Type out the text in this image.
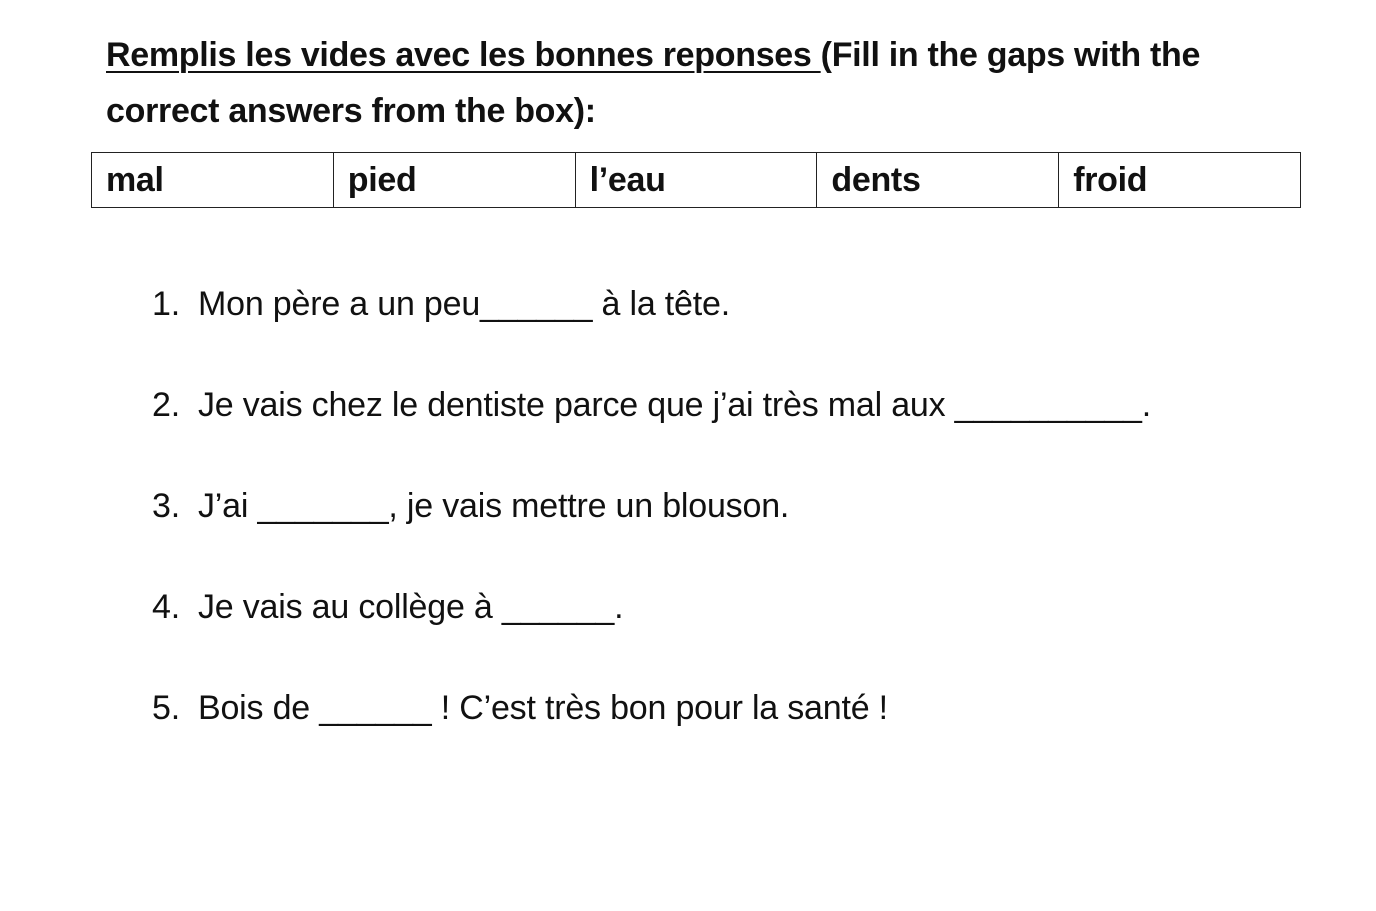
Remplis les vides avec les bonnes reponses (Fill in the gaps with the correct answers from the box):
mal	pied	l’eau	dents	froid
1. Mon père a un peu______ à la tête.
2. Je vais chez le dentiste parce que j’ai très mal aux __________.
3. J’ai _______, je vais mettre un blouson.
4. Je vais au collège à ______.
5. Bois de ______ ! C’est très bon pour la santé !
